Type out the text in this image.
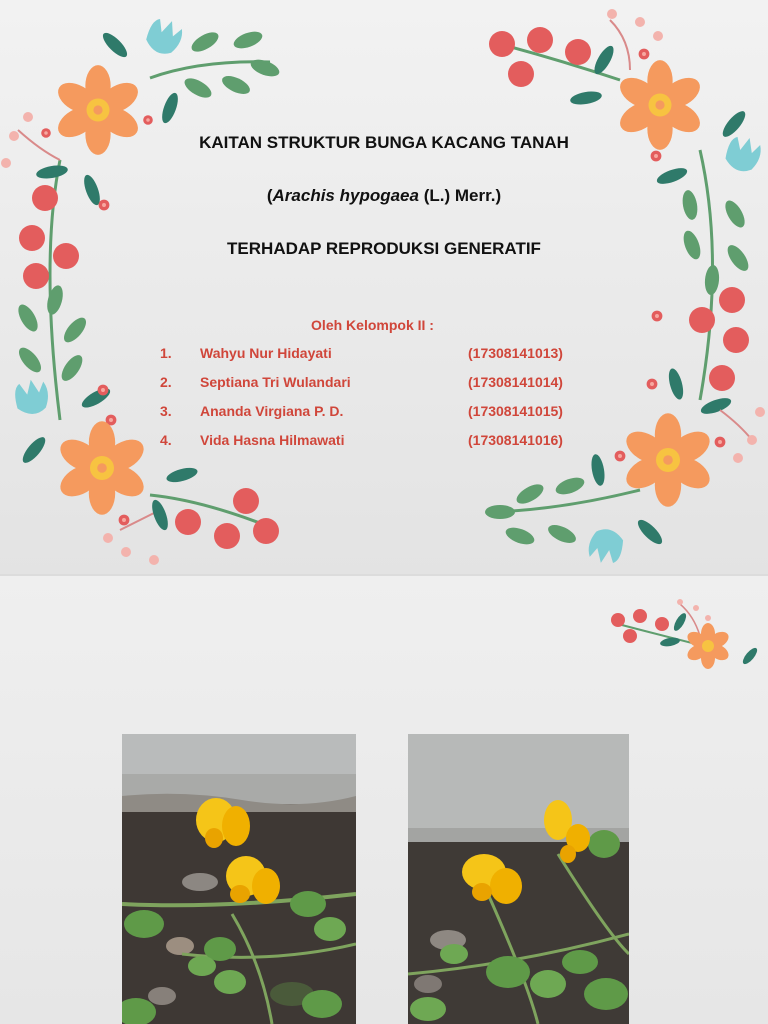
KAITAN STRUKTUR BUNGA KACANG TANAH
(Arachis hypogaea (L.) Merr.)
TERHADAP REPRODUKSI GENERATIF
Oleh Kelompok II :
1. Wahyu Nur Hidayati	(17308141013)
2. Septiana Tri Wulandari	(17308141014)
3. Ananda Virgiana P. D.	(17308141015)
4. Vida Hasna Hilmawati	(17308141016)
